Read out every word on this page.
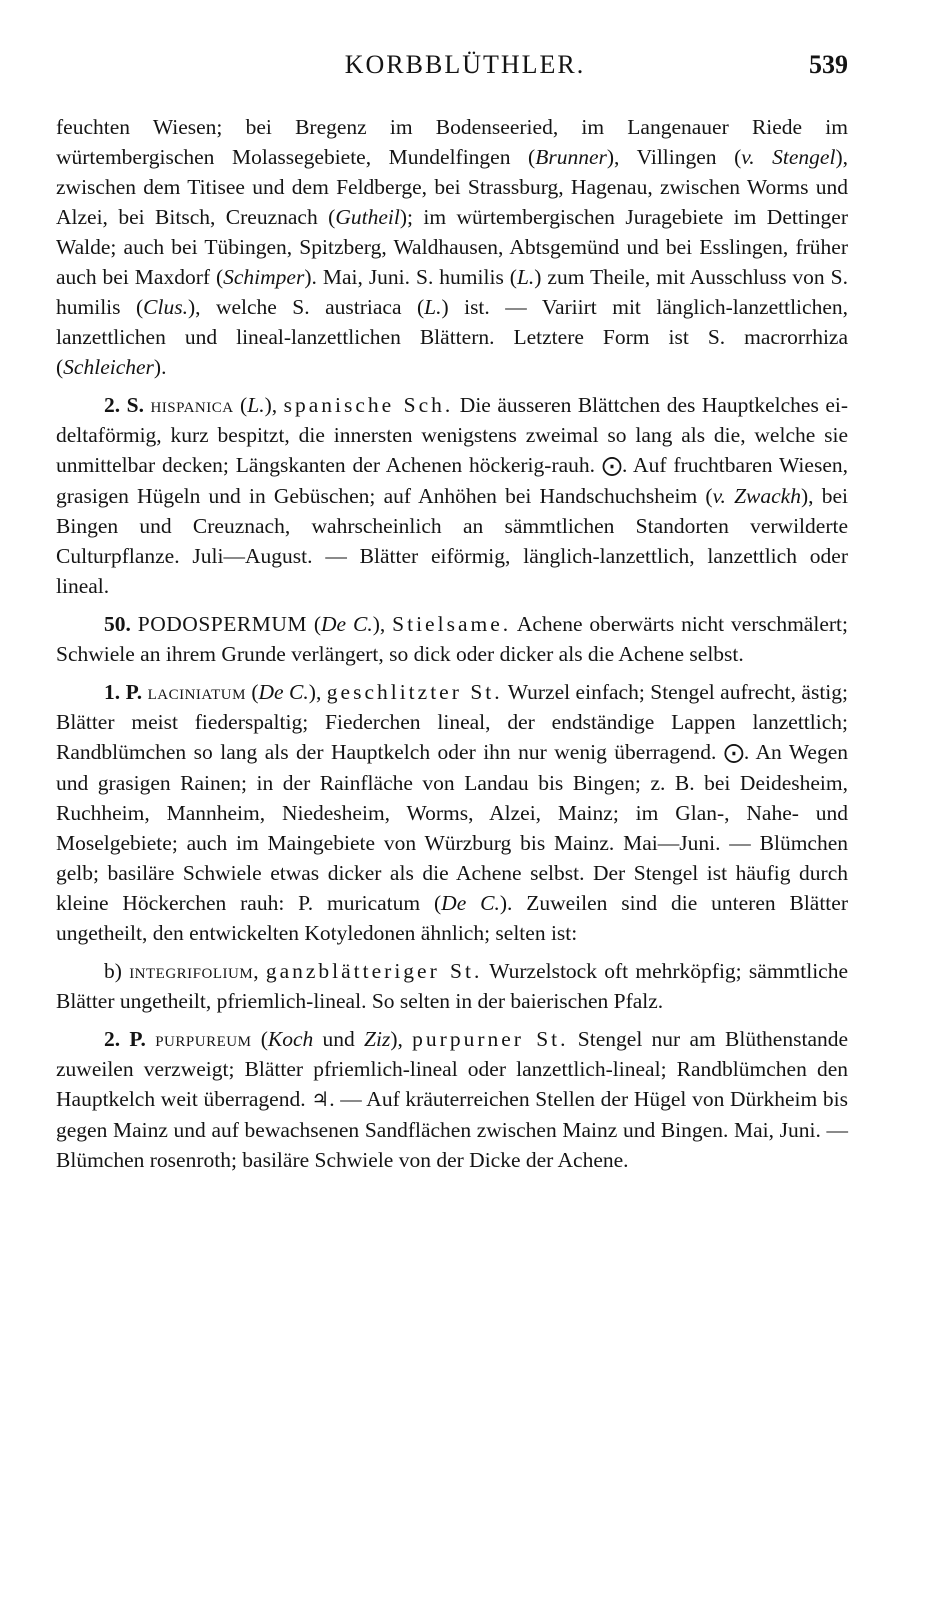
KORBBLÜTHLER.	539

feuchten Wiesen; bei Bregenz im Bodenseeried, im Langenauer Riede im würtembergischen Molassegebiete, Mundelfingen (Brunner), Villingen (v. Stengel), zwischen dem Titisee und dem Feldberge, bei Strassburg, Hagenau, zwischen Worms und Alzei, bei Bitsch, Creuznach (Gutheil); im würtembergischen Juragebiete im Dettinger Walde; auch bei Tübingen, Spitzberg, Waldhausen, Abtsgemünd und bei Esslingen, früher auch bei Maxdorf (Schimper). Mai, Juni. S. humilis (L.) zum Theile, mit Ausschluss von S. humilis (Clus.), welche S. austriaca (L.) ist. — Variirt mit länglich-lanzettlichen, lanzettlichen und lineal-lanzettlichen Blättern. Letztere Form ist S. macrorrhiza (Schleicher).

2. S. hispanica (L.), spanische Sch. Die äusseren Blättchen des Hauptkelches ei-deltaförmig, kurz bespitzt, die innersten wenigstens zweimal so lang als die, welche sie unmittelbar decken; Längskanten der Achenen höckerig-rauh. ⨀. Auf fruchtbaren Wiesen, grasigen Hügeln und in Gebüschen; auf Anhöhen bei Handschuchsheim (v. Zwackh), bei Bingen und Creuznach, wahrscheinlich an sämmtlichen Standorten verwilderte Culturpflanze. Juli—August. — Blätter eiförmig, länglich-lanzettlich, lanzettlich oder lineal.

50. PODOSPERMUM (De C.), Stielsame. Achene oberwärts nicht verschmälert; Schwiele an ihrem Grunde verlängert, so dick oder dicker als die Achene selbst.

1. P. laciniatum (De C.), geschlitzter St. Wurzel einfach; Stengel aufrecht, ästig; Blätter meist fiederspaltig; Fiederchen lineal, der endständige Lappen lanzettlich; Randblümchen so lang als der Hauptkelch oder ihn nur wenig überragend. ⨀. An Wegen und grasigen Rainen; in der Rainfläche von Landau bis Bingen; z. B. bei Deidesheim, Ruchheim, Mannheim, Niedesheim, Worms, Alzei, Mainz; im Glan-, Nahe- und Moselgebiete; auch im Maingebiete von Würzburg bis Mainz. Mai—Juni. — Blümchen gelb; basiläre Schwiele etwas dicker als die Achene selbst. Der Stengel ist häufig durch kleine Höckerchen rauh: P. muricatum (De C.). Zuweilen sind die unteren Blätter ungetheilt, den entwickelten Kotyledonen ähnlich; selten ist:

b) integrifolium, ganzblätteriger St. Wurzelstock oft mehrköpfig; sämmtliche Blätter ungetheilt, pfriemlich-lineal. So selten in der baierischen Pfalz.

2. P. purpureum (Koch und Ziz), purpurner St. Stengel nur am Blüthenstande zuweilen verzweigt; Blätter pfriemlich-lineal oder lanzettlich-lineal; Randblümchen den Hauptkelch weit überragend. ♃. — Auf kräuterreichen Stellen der Hügel von Dürkheim bis gegen Mainz und auf bewachsenen Sandflächen zwischen Mainz und Bingen. Mai, Juni. — Blümchen rosenroth; basiläre Schwiele von der Dicke der Achene.
